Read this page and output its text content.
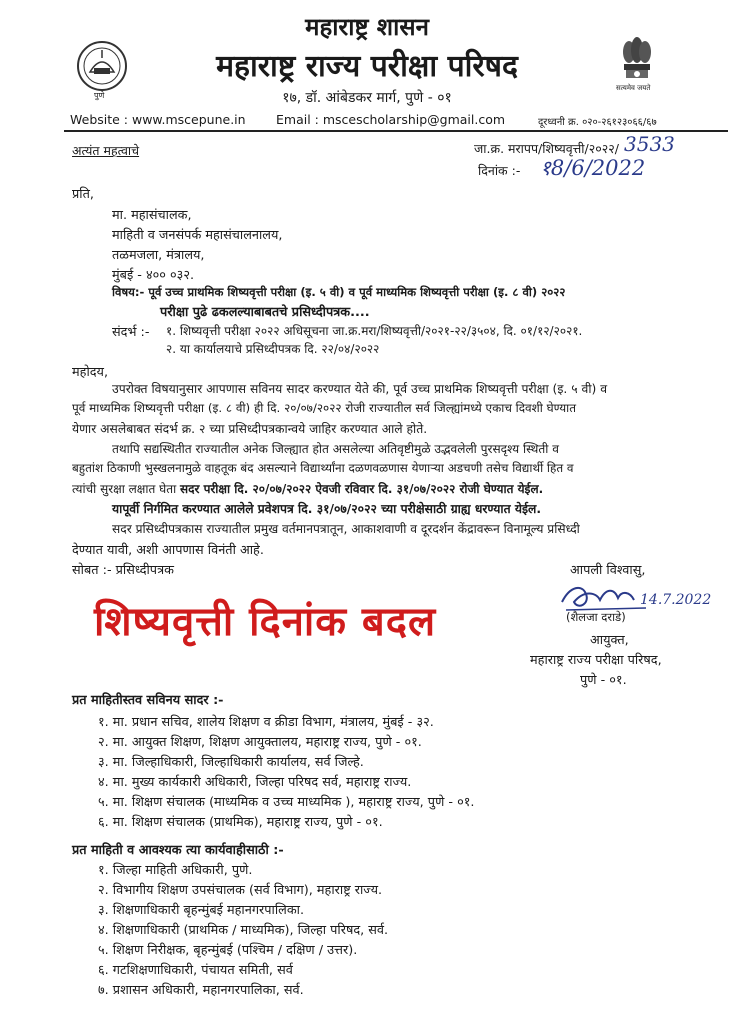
पुणे
सत्यमेव जयते
महाराष्ट्र शासन
महाराष्ट्र राज्य परीक्षा परिषद
१७, डॉ. आंबेडकर मार्ग, पुणे - ०१
Website : www.mscepune.in Email : mscescholarship@gmail.com	दूरध्वनी क्र. ०२०-२६१२३०६६/६७
अत्यंत महत्वाचे	जा.क्र. मरापप/शिष्यवृत्ती/२०२२/ 3533
दिनांक :- १8/6/2022
प्रति,
मा. महासंचालक,
माहिती व जनसंपर्क महासंचालनालय,
तळमजला, मंत्रालय,
मुंबई - ४०० ०३२.
विषय:- पूर्व उच्च प्राथमिक शिष्यवृत्ती परीक्षा (इ. ५ वी) व पूर्व माध्यमिक शिष्यवृत्ती परीक्षा (इ. ८ वी) २०२२
परीक्षा पुढे ढकलल्याबाबतचे प्रसिध्दीपत्रक....
संदर्भ :- १. शिष्यवृत्ती परीक्षा २०२२ अधिसूचना जा.क्र.मरा/शिष्यवृत्ती/२०२१-२२/३५०४, दि. ०१/१२/२०२१.
२. या कार्यालयाचे प्रसिध्दीपत्रक दि. २२/०४/२०२२
महोदय,
उपरोक्त विषयानुसार आपणास सविनय सादर करण्यात येते की, पूर्व उच्च प्राथमिक शिष्यवृत्ती परीक्षा (इ. ५ वी) व
पूर्व माध्यमिक शिष्यवृत्ती परीक्षा (इ. ८ वी) ही दि. २०/०७/२०२२ रोजी राज्यातील सर्व जिल्ह्यांमध्ये एकाच दिवशी घेण्यात
येणार असलेबाबत संदर्भ क्र. २ च्या प्रसिध्दीपत्रकान्वये जाहिर करण्यात आले होते.
तथापि सद्यस्थितीत राज्यातील अनेक जिल्ह्यात होत असलेल्या अतिवृष्टीमुळे उद्भवलेली पुरसदृश्य स्थिती व
बहुतांश ठिकाणी भुस्खलनामुळे वाहतूक बंद असल्याने विद्यार्थ्यांना दळणवळणास येणाऱ्या अडचणी तसेच विद्यार्थी हित व
त्यांची सुरक्षा लक्षात घेता सदर परीक्षा दि. २०/०७/२०२२ ऐवजी रविवार दि. ३१/०७/२०२२ रोजी घेण्यात येईल.
यापूर्वी निर्गमित करण्यात आलेले प्रवेशपत्र दि. ३१/०७/२०२२ च्या परीक्षेसाठी ग्राह्य धरण्यात येईल.
सदर प्रसिध्दीपत्रकास राज्यातील प्रमुख वर्तमानपत्रातून, आकाशवाणी व दूरदर्शन केंद्रावरून विनामूल्य प्रसिध्दी
देण्यात यावी, अशी आपणास विनंती आहे.
सोबत :- प्रसिध्दीपत्रक
शिष्यवृत्ती दिनांक बदल
आपली विश्वासु,
14.7.2022
(शैलजा दराडे)
आयुक्त,
महाराष्ट्र राज्य परीक्षा परिषद,
पुणे - ०१.
प्रत माहितीस्तव सविनय सादर :-
१. मा. प्रधान सचिव, शालेय शिक्षण व क्रीडा विभाग, मंत्रालय, मुंबई - ३२.
२. मा. आयुक्त शिक्षण, शिक्षण आयुक्तालय, महाराष्ट्र राज्य, पुणे - ०१.
३. मा. जिल्हाधिकारी, जिल्हाधिकारी कार्यालय, सर्व जिल्हे.
४. मा. मुख्य कार्यकारी अधिकारी, जिल्हा परिषद सर्व, महाराष्ट्र राज्य.
५. मा. शिक्षण संचालक (माध्यमिक व उच्च माध्यमिक ), महाराष्ट्र राज्य, पुणे - ०१.
६. मा. शिक्षण संचालक (प्राथमिक), महाराष्ट्र राज्य, पुणे - ०१.
प्रत माहिती व आवश्यक त्या कार्यवाहीसाठी :-
१. जिल्हा माहिती अधिकारी, पुणे.
२. विभागीय शिक्षण उपसंचालक (सर्व विभाग), महाराष्ट्र राज्य.
३. शिक्षणाधिकारी बृहन्मुंबई महानगरपालिका.
४. शिक्षणाधिकारी (प्राथमिक / माध्यमिक), जिल्हा परिषद, सर्व.
५. शिक्षण निरीक्षक, बृहन्मुंबई (पश्चिम / दक्षिण / उत्तर).
६. गटशिक्षणाधिकारी, पंचायत समिती, सर्व
७. प्रशासन अधिकारी, महानगरपालिका, सर्व.
